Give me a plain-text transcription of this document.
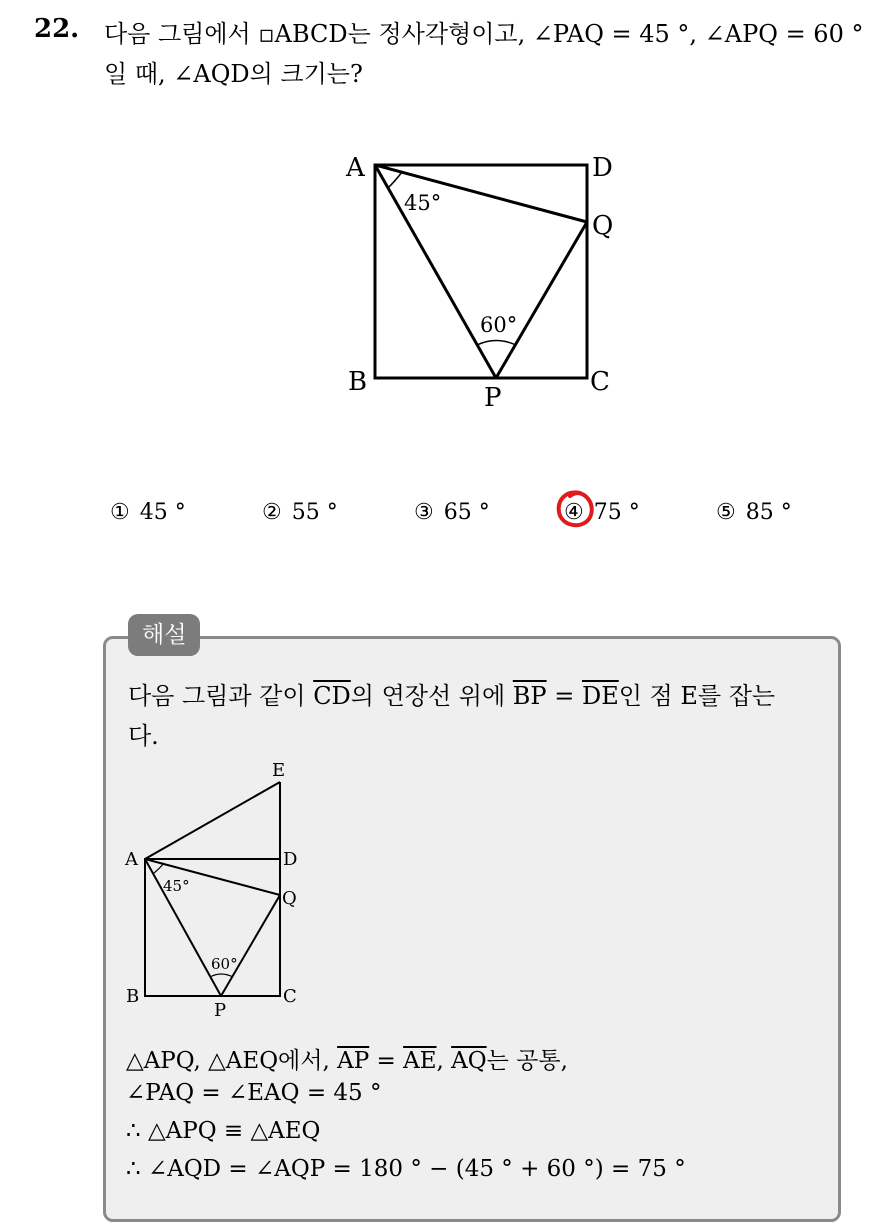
22. 다음 그림에서 ▫ABCD는 정사각형이고, ∠PAQ = 45 °, ∠APQ = 60 °
일 때, ∠AQD의 크기는?
A	D
Q
B	C
P
45°
60°
① 45 °	② 55 °	③ 65 °	④ 75 °	⑤ 85 °
해설
다음 그림과 같이 $\overline{CD}$의 연장선 위에 $\overline{BP} = \overline{DE}$인 점 E를 잡는
다.
E
A	D
Q
B	C
P
45°
60°
△APQ, △AEQ에서, $\overline{AP} = \overline{AE}$, $\overline{AQ}$는 공통,
∠PAQ = ∠EAQ = 45 °
∴ △APQ ≡ △AEQ
∴ ∠AQD = ∠AQP = 180 ° − (45 ° + 60 °) = 75 °
